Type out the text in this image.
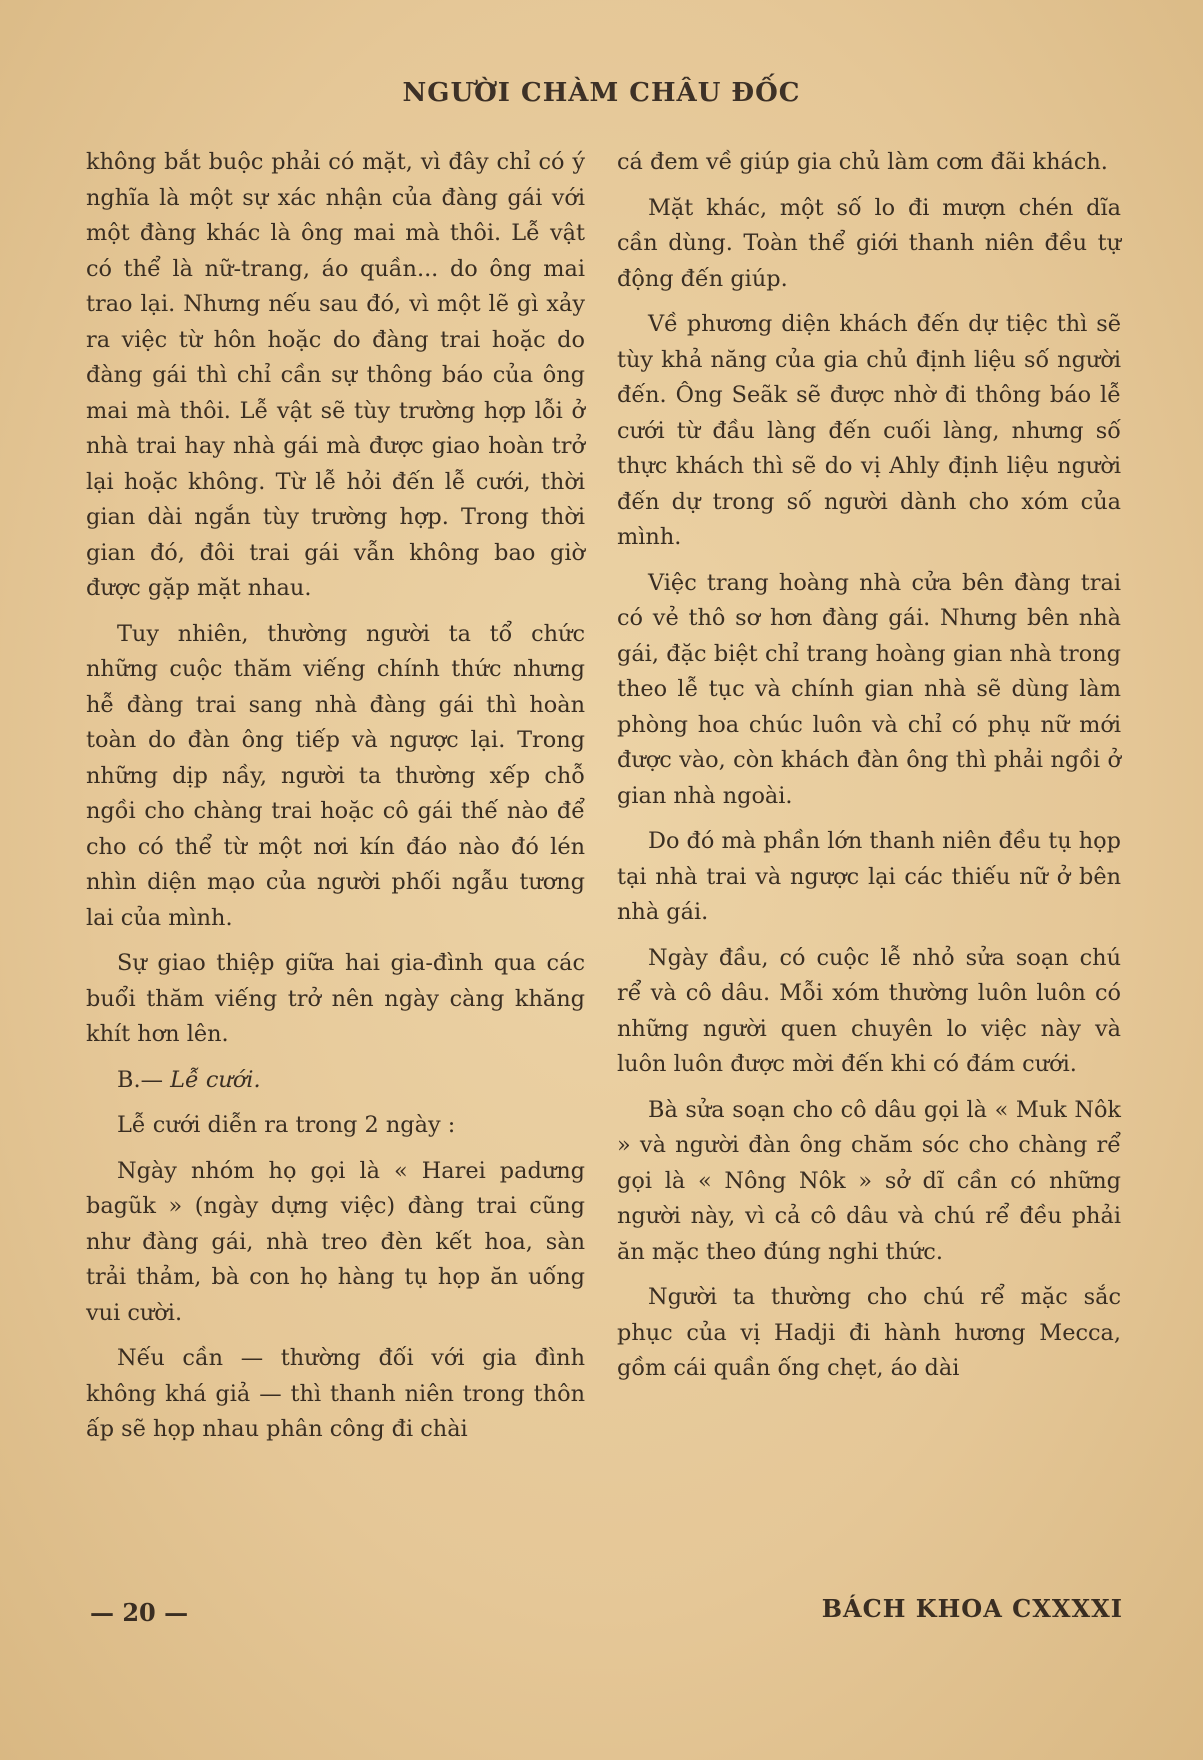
NGƯỜI CHÀM CHÂU ĐỐC

không bắt buộc phải có mặt, vì đây chỉ có ý nghĩa là một sự xác nhận của đàng gái với một đàng khác là ông mai mà thôi. Lễ vật có thể là nữ-trang, áo quần... do ông mai trao lại. Nhưng nếu sau đó, vì một lẽ gì xảy ra việc từ hôn hoặc do đàng trai hoặc do đàng gái thì chỉ cần sự thông báo của ông mai mà thôi. Lễ vật sẽ tùy trường hợp lỗi ở nhà trai hay nhà gái mà được giao hoàn trở lại hoặc không. Từ lễ hỏi đến lễ cưới, thời gian dài ngắn tùy trường hợp. Trong thời gian đó, đôi trai gái vẫn không bao giờ được gặp mặt nhau.

Tuy nhiên, thường người ta tổ chức những cuộc thăm viếng chính thức nhưng hễ đàng trai sang nhà đàng gái thì hoàn toàn do đàn ông tiếp và ngược lại. Trong những dịp nầy, người ta thường xếp chỗ ngồi cho chàng trai hoặc cô gái thế nào để cho có thể từ một nơi kín đáo nào đó lén nhìn diện mạo của người phối ngẫu tương lai của mình.

Sự giao thiệp giữa hai gia-đình qua các buổi thăm viếng trở nên ngày càng khăng khít hơn lên.

B.— Lễ cưới.

Lễ cưới diễn ra trong 2 ngày :

Ngày nhóm họ gọi là « Harei padưng bagũk » (ngày dựng việc) đàng trai cũng như đàng gái, nhà treo đèn kết hoa, sàn trải thảm, bà con họ hàng tụ họp ăn uống vui cười.

Nếu cần — thường đối với gia đình không khá giả — thì thanh niên trong thôn ấp sẽ họp nhau phân công đi chài

cá đem về giúp gia chủ làm cơm đãi khách.

Mặt khác, một số lo đi mượn chén dĩa cần dùng. Toàn thể giới thanh niên đều tự động đến giúp.

Về phương diện khách đến dự tiệc thì sẽ tùy khả năng của gia chủ định liệu số người đến. Ông Seãk sẽ được nhờ đi thông báo lễ cưới từ đầu làng đến cuối làng, nhưng số thực khách thì sẽ do vị Ahly định liệu người đến dự trong số người dành cho xóm của mình.

Việc trang hoàng nhà cửa bên đàng trai có vẻ thô sơ hơn đàng gái. Nhưng bên nhà gái, đặc biệt chỉ trang hoàng gian nhà trong theo lễ tục và chính gian nhà sẽ dùng làm phòng hoa chúc luôn và chỉ có phụ nữ mới được vào, còn khách đàn ông thì phải ngồi ở gian nhà ngoài.

Do đó mà phần lớn thanh niên đều tụ họp tại nhà trai và ngược lại các thiếu nữ ở bên nhà gái.

Ngày đầu, có cuộc lễ nhỏ sửa soạn chú rể và cô dâu. Mỗi xóm thường luôn luôn có những người quen chuyên lo việc này và luôn luôn được mời đến khi có đám cưới.

Bà sửa soạn cho cô dâu gọi là « Muk Nôk » và người đàn ông chăm sóc cho chàng rể gọi là « Nông Nôk » sở dĩ cần có những người này, vì cả cô dâu và chú rể đều phải ăn mặc theo đúng nghi thức.

Người ta thường cho chú rể mặc sắc phục của vị Hadji đi hành hương Mecca, gồm cái quần ống chẹt, áo dài

— 20 —	BÁCH KHOA CXXXXI
